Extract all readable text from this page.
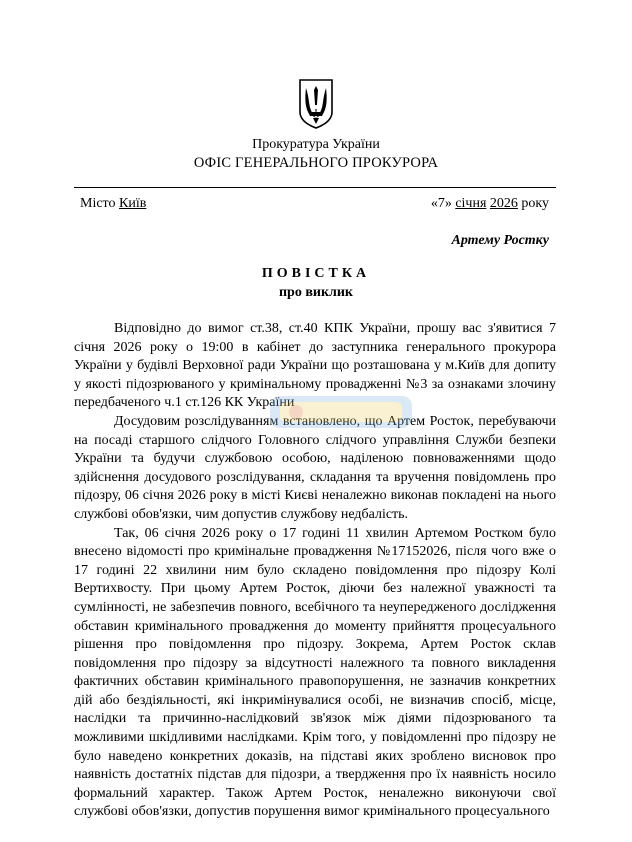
Прокуратура України
ОФІС ГЕНЕРАЛЬНОГО ПРОКУРОРА
Місто Київ	«7» січня 2026 року
Артему Ростку
ПОВІСТКА
про виклик

Відповідно до вимог ст.38, ст.40 КПК України, прошу вас з'явитися 7 січня 2026 року о 19:00 в кабінет до заступника генерального прокурора України у будівлі Верховної ради України що розташована у м.Київ для допиту у якості підозрюваного у кримінальному провадженні №3 за ознаками злочину передбаченого ч.1 ст.126 КК України

Досудовим розслідуванням встановлено, що Артем Росток, перебуваючи на посаді старшого слідчого Головного слідчого управління Служби безпеки України та будучи службовою особою, наділеною повноваженнями щодо здійснення досудового розслідування, складання та вручення повідомлень про підозру, 06 січня 2026 року в місті Києві неналежно виконав покладені на нього службові обов'язки, чим допустив службову недбалість.

Так, 06 січня 2026 року о 17 годині 11 хвилин Артемом Ростком було внесено відомості про кримінальне провадження №17152026, після чого вже о 17 годині 22 хвилини ним було складено повідомлення про підозру Колі Вертихвосту. При цьому Артем Росток, діючи без належної уважності та сумлінності, не забезпечив повного, всебічного та неупередженого дослідження обставин кримінального провадження до моменту прийняття процесуального рішення про повідомлення про підозру. Зокрема, Артем Росток склав повідомлення про підозру за відсутності належного та повного викладення фактичних обставин кримінального правопорушення, не зазначив конкретних дій або бездіяльності, які інкримінувалися особі, не визначив спосіб, місце, наслідки та причинно-наслідковий зв'язок між діями підозрюваного та можливими шкідливими наслідками. Крім того, у повідомленні про підозру не було наведено конкретних доказів, на підставі яких зроблено висновок про наявність достатніх підстав для підозри, а твердження про їх наявність носило формальний характер. Також Артем Росток, неналежно виконуючи свої службові обов'язки, допустив порушення вимог кримінального процесуального
